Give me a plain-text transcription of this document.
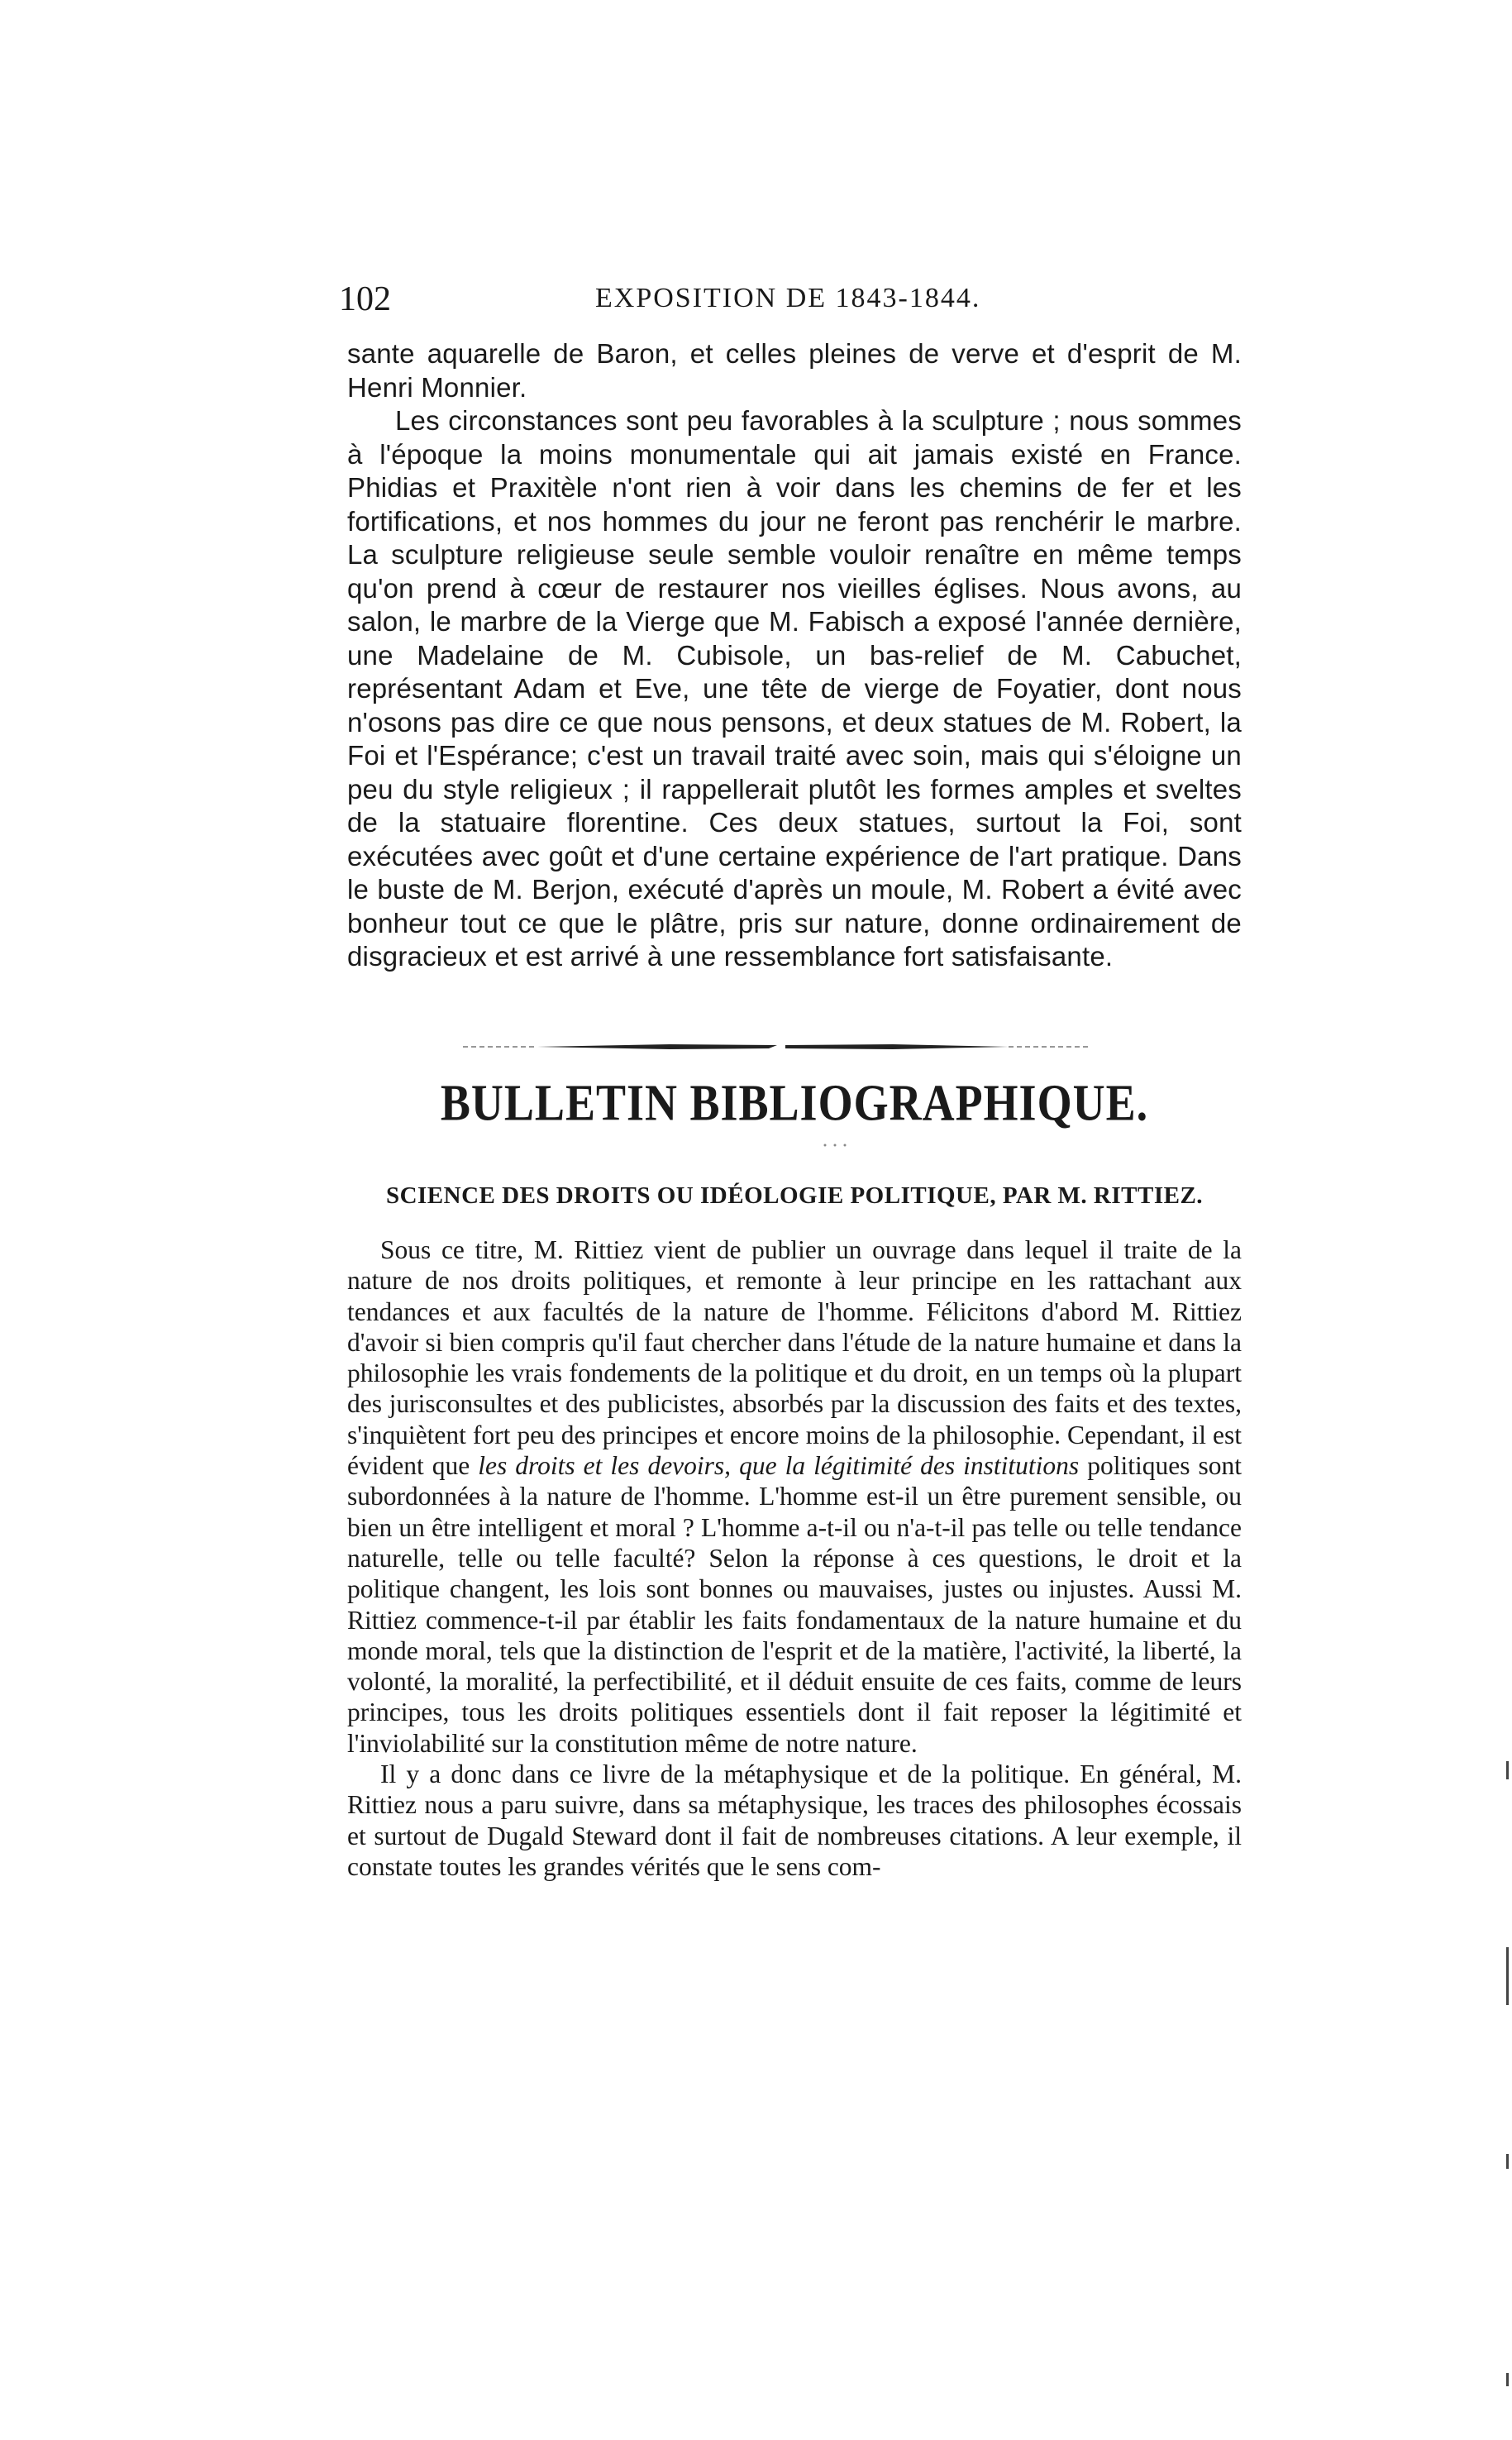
102	EXPOSITION DE 1843-1844.

sante aquarelle de Baron, et celles pleines de verve et d'esprit de M. Henri Monnier.

Les circonstances sont peu favorables à la sculpture ; nous sommes à l'époque la moins monumentale qui ait jamais existé en France. Phidias et Praxitèle n'ont rien à voir dans les chemins de fer et les fortifications, et nos hommes du jour ne feront pas renchérir le marbre. La sculpture religieuse seule semble vouloir renaître en même temps qu'on prend à cœur de restaurer nos vieilles églises. Nous avons, au salon, le marbre de la Vierge que M. Fabisch a exposé l'année dernière, une Madelaine de M. Cubisole, un bas-relief de M. Cabuchet, représentant Adam et Eve, une tête de vierge de Foyatier, dont nous n'osons pas dire ce que nous pensons, et deux statues de M. Robert, la Foi et l'Espérance; c'est un travail traité avec soin, mais qui s'éloigne un peu du style religieux ; il rappellerait plutôt les formes amples et sveltes de la statuaire florentine. Ces deux statues, surtout la Foi, sont exécutées avec goût et d'une certaine expérience de l'art pratique. Dans le buste de M. Berjon, exécuté d'après un moule, M. Robert a évité avec bonheur tout ce que le plâtre, pris sur nature, donne ordinairement de disgracieux et est arrivé à une ressemblance fort satisfaisante.

BULLETIN BIBLIOGRAPHIQUE.
SCIENCE DES DROITS OU IDÉOLOGIE POLITIQUE, PAR M. RITTIEZ.

Sous ce titre, M. Rittiez vient de publier un ouvrage dans lequel il traite de la nature de nos droits politiques, et remonte à leur principe en les rattachant aux tendances et aux facultés de la nature de l'homme. Félicitons d'abord M. Rittiez d'avoir si bien compris qu'il faut chercher dans l'étude de la nature humaine et dans la philosophie les vrais fondements de la politique et du droit, en un temps où la plupart des jurisconsultes et des publicistes, absorbés par la discussion des faits et des textes, s'inquiètent fort peu des principes et encore moins de la philosophie. Cependant, il est évident que les droits et les devoirs, que la légitimité des institutions politiques sont subordonnées à la nature de l'homme. L'homme est-il un être purement sensible, ou bien un être intelligent et moral ? L'homme a-t-il ou n'a-t-il pas telle ou telle tendance naturelle, telle ou telle faculté? Selon la réponse à ces questions, le droit et la politique changent, les lois sont bonnes ou mauvaises, justes ou injustes. Aussi M. Rittiez commence-t-il par établir les faits fondamentaux de la nature humaine et du monde moral, tels que la distinction de l'esprit et de la matière, l'activité, la liberté, la volonté, la moralité, la perfectibilité, et il déduit ensuite de ces faits, comme de leurs principes, tous les droits politiques essentiels dont il fait reposer la légitimité et l'inviolabilité sur la constitution même de notre nature.

Il y a donc dans ce livre de la métaphysique et de la politique. En général, M. Rittiez nous a paru suivre, dans sa métaphysique, les traces des philosophes écossais et surtout de Dugald Steward dont il fait de nombreuses citations. A leur exemple, il constate toutes les grandes vérités que le sens com-
